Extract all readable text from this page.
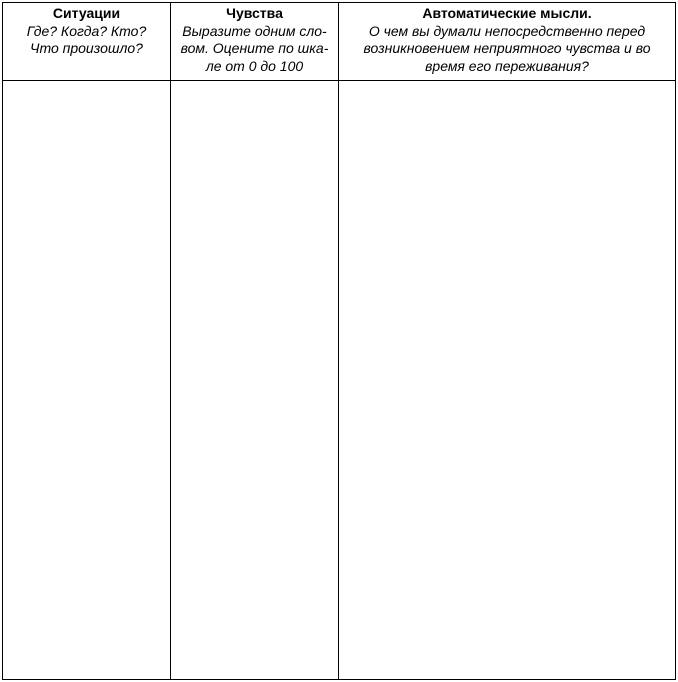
Ситуации
Где? Когда? Кто?
Что произошло?
Чувства
Выразите одним сло-
вом. Оцените по шка-
ле от 0 до 100
Автоматические мысли.
О чем вы думали непосредственно перед
возникновением неприятного чувства и во
время его переживания?
